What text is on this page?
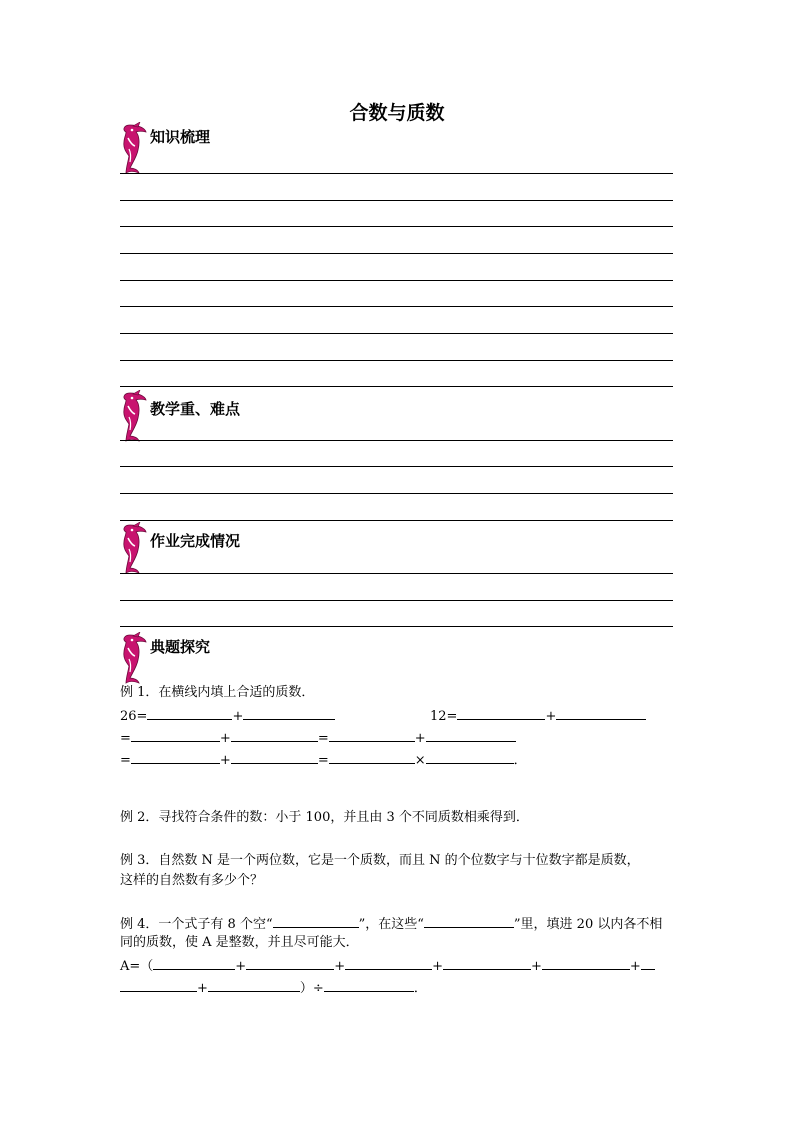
合数与质数
知识梳理
教学重、难点
作业完成情况
典题探究
例 1．在横线内填上合适的质数．
26=	+	12=	+
=	+	=	+
=	+	=	×	．
例 2．寻找符合条件的数：小于 100，并且由 3 个不同质数相乘得到．
例 3．自然数 N 是一个两位数，它是一个质数，而且 N 的个位数字与十位数字都是质数，
这样的自然数有多少个？
例 4．一个式子有 8 个空“	”，在这些“	”里，填进 20 以内各不相
同的质数，使 A 是整数，并且尽可能大．
A=（	+	+	+	+	+
+	）÷	．
